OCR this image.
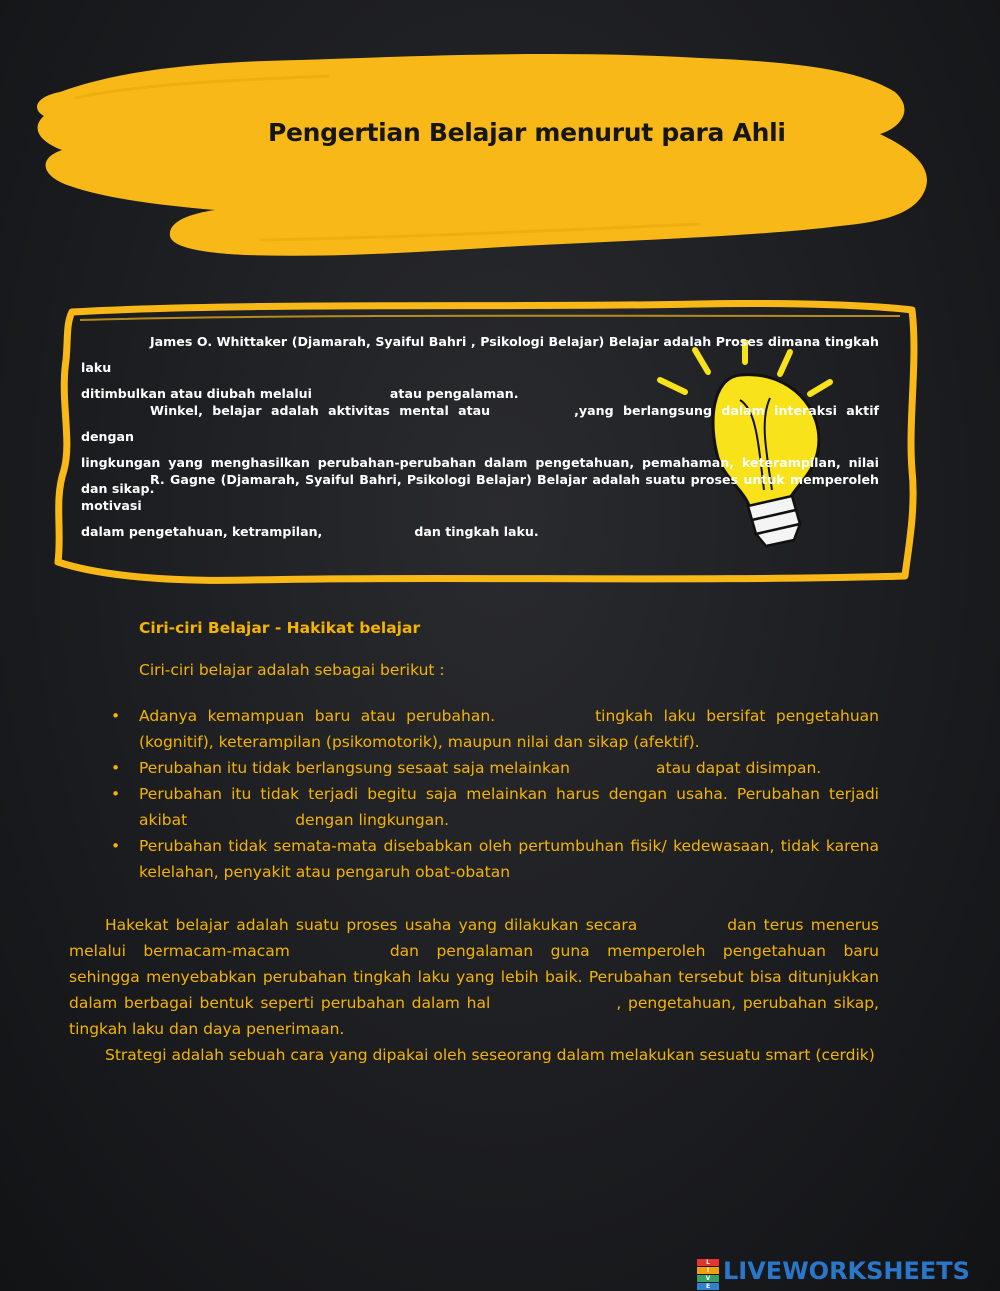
Pengertian Belajar menurut para Ahli
James O. Whittaker (Djamarah, Syaiful Bahri , Psikologi Belajar) Belajar adalah Proses dimana tingkah laku
ditimbulkan atau diubah melalui	atau pengalaman.
Winkel, belajar adalah aktivitas mental atau	,yang berlangsung dalam interaksi aktif dengan
lingkungan yang menghasilkan perubahan-perubahan dalam pengetahuan, pemahaman, keterampilan, nilai dan sikap.
R. Gagne (Djamarah, Syaiful Bahri, Psikologi Belajar) Belajar adalah suatu proses untuk memperoleh motivasi
dalam pengetahuan, ketrampilan,	dan tingkah laku.
Ciri-ciri Belajar - Hakikat belajar
Ciri-ciri belajar adalah sebagai berikut :
• Adanya kemampuan baru atau perubahan.	tingkah laku bersifat pengetahuan (kognitif), keterampilan (psikomotorik), maupun nilai dan sikap (afektif).
• Perubahan itu tidak berlangsung sesaat saja melainkan	atau dapat disimpan.
• Perubahan itu tidak terjadi begitu saja melainkan harus dengan usaha. Perubahan terjadi akibat	dengan lingkungan.
• Perubahan tidak semata-mata disebabkan oleh pertumbuhan fisik/ kedewasaan, tidak karena kelelahan, penyakit atau pengaruh obat-obatan
Hakekat belajar adalah suatu proses usaha yang dilakukan secara	dan terus menerus melalui bermacam-macam	dan pengalaman guna memperoleh pengetahuan baru sehingga menyebabkan perubahan tingkah laku yang lebih baik. Perubahan tersebut bisa ditunjukkan dalam berbagai bentuk seperti perubahan dalam hal	, pengetahuan, perubahan sikap, tingkah laku dan daya penerimaan.
Strategi adalah sebuah cara yang dipakai oleh seseorang dalam melakukan sesuatu smart (cerdik)
L
I
V
E
LIVEWORKSHEETS
